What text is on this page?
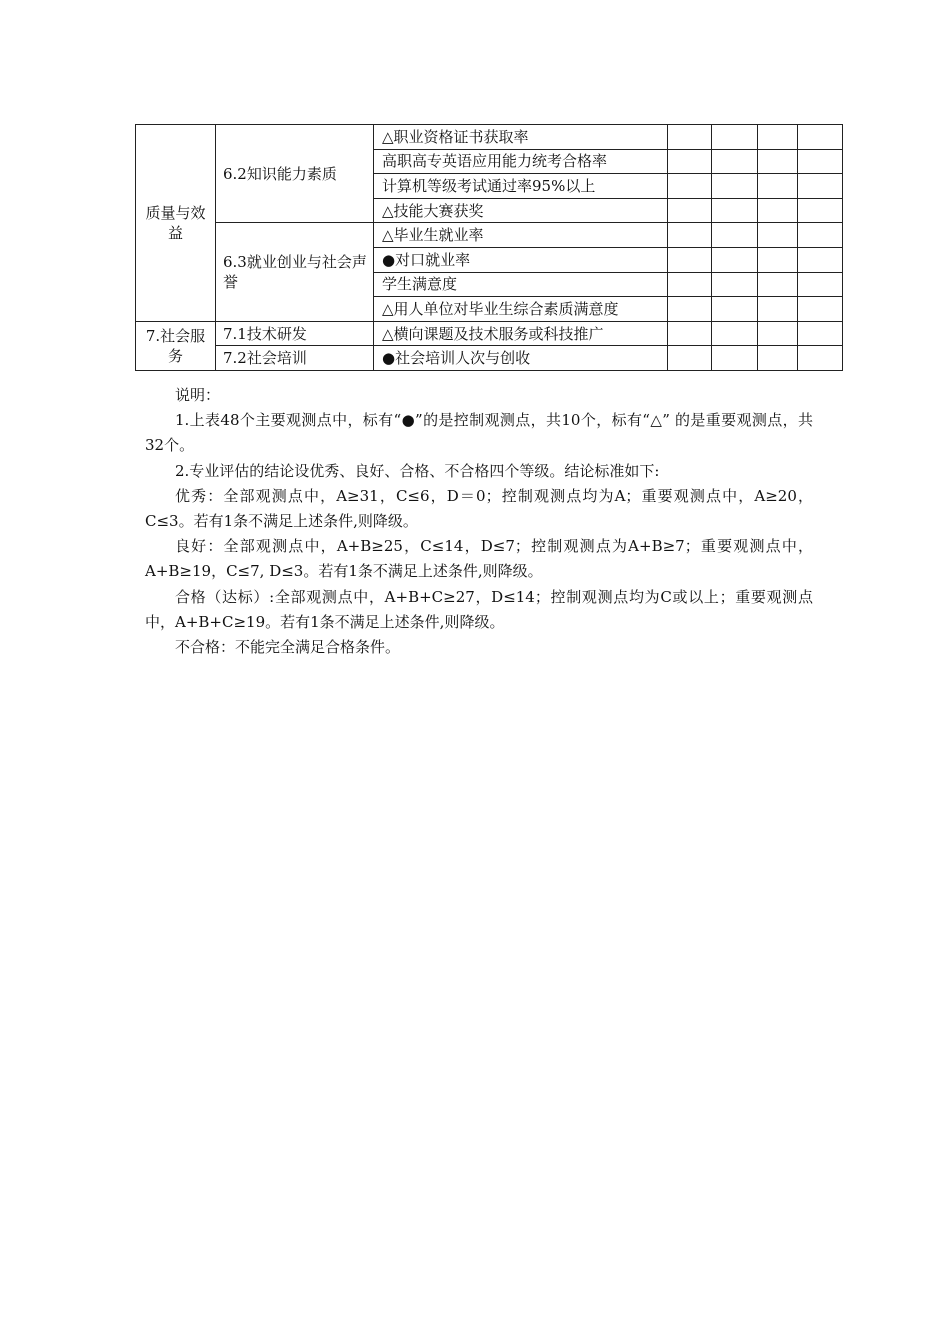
质量与效益	6.2知识能力素质	△职业资格证书获取率				
		高职高专英语应用能力统考合格率				
		计算机等级考试通过率95%以上				
		△技能大赛获奖				
	6.3就业创业与社会声誉	△毕业生就业率				
		●对口就业率				
		学生满意度				
		△用人单位对毕业生综合素质满意度				
7.社会服务	7.1技术研发	△横向课题及技术服务或科技推广				
	7.2社会培训	●社会培训人次与创收				

说明：

1.上表48个主要观测点中，标有“●”的是控制观测点，共10个，标有“△” 的是重要观测点，共32个。

2.专业评估的结论设优秀、良好、合格、不合格四个等级。结论标准如下:

优秀：全部观测点中，A≥31，C≤6，D＝0；控制观测点均为A；重要观测点中，A≥20，C≤3。若有1条不满足上述条件,则降级。

良好：全部观测点中，A+B≥25，C≤14，D≤7；控制观测点为A+B≥7；重要观测点中，A+B≥19，C≤7, D≤3。若有1条不满足上述条件,则降级。

合格（达标）:全部观测点中，A+B+C≥27，D≤14；控制观测点均为C或以上；重要观测点中，A+B+C≥19。若有1条不满足上述条件,则降级。

不合格：不能完全满足合格条件。
